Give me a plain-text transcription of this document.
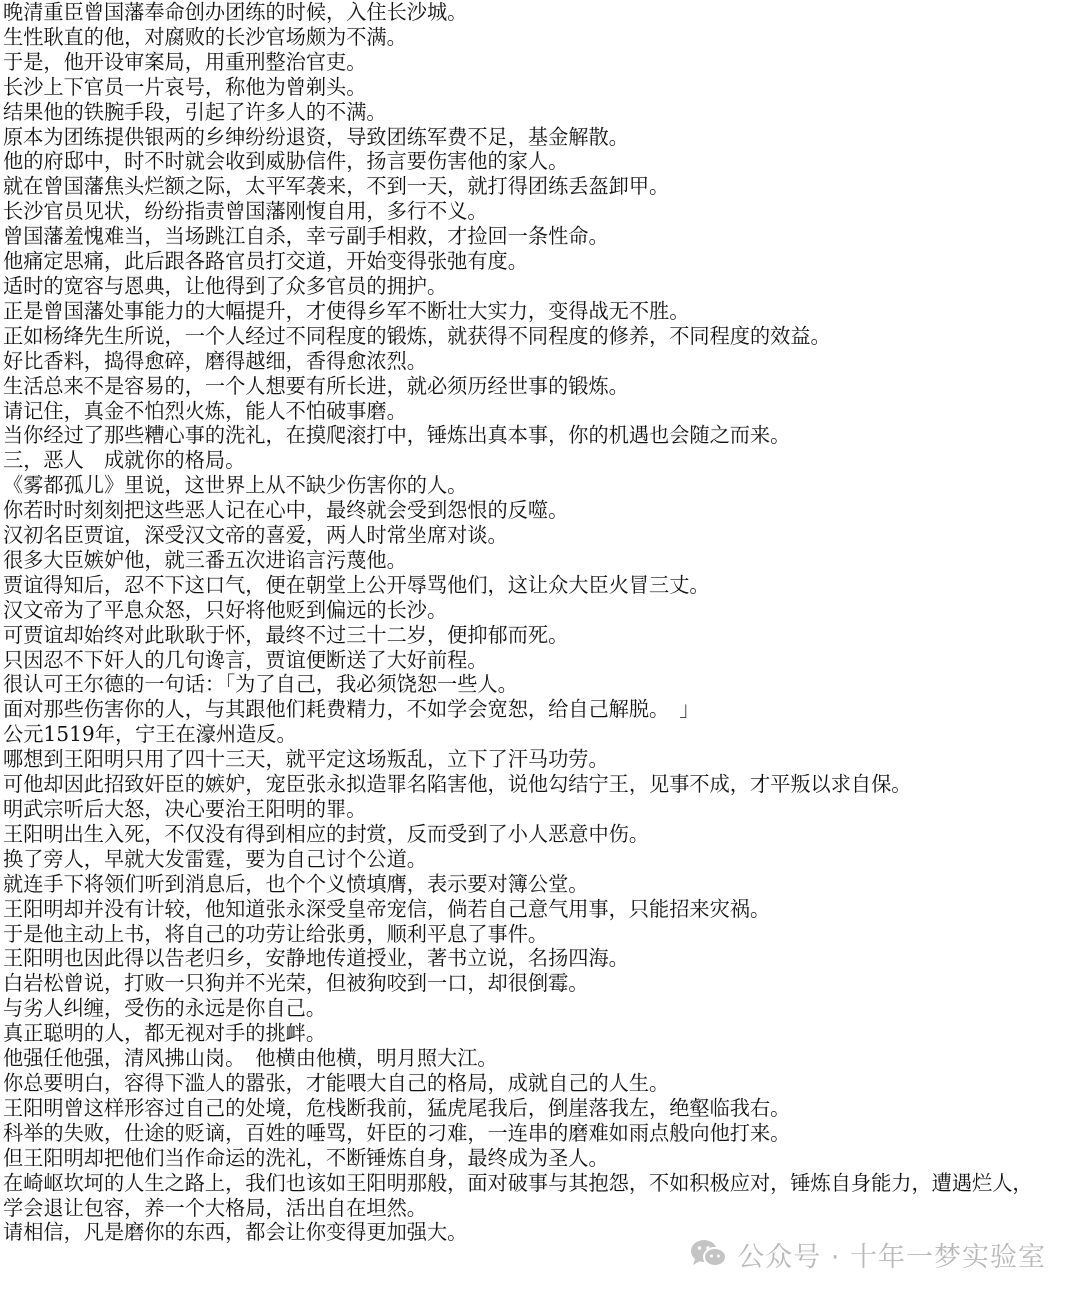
晚清重臣曾国藩奉命创办团练的时候，入住长沙城。

生性耿直的他，对腐败的长沙官场颇为不满。

于是，他开设审案局，用重刑整治官吏。

长沙上下官员一片哀号，称他为曾剃头。

结果他的铁腕手段，引起了许多人的不满。

原本为团练提供银两的乡绅纷纷退资，导致团练军费不足，基金解散。

他的府邸中，时不时就会收到威胁信件，扬言要伤害他的家人。

就在曾国藩焦头烂额之际，太平军袭来，不到一天，就打得团练丢盔卸甲。

长沙官员见状，纷纷指责曾国藩刚愎自用，多行不义。

曾国藩羞愧难当，当场跳江自杀，幸亏副手相救，才捡回一条性命。

他痛定思痛，此后跟各路官员打交道，开始变得张弛有度。

适时的宽容与恩典，让他得到了众多官员的拥护。

正是曾国藩处事能力的大幅提升，才使得乡军不断壮大实力，变得战无不胜。

正如杨绛先生所说，一个人经过不同程度的锻炼，就获得不同程度的修养，不同程度的效益。

好比香料，捣得愈碎，磨得越细，香得愈浓烈。

生活总来不是容易的，一个人想要有所长进，就必须历经世事的锻炼。

请记住，真金不怕烈火炼，能人不怕破事磨。

当你经过了那些糟心事的洗礼，在摸爬滚打中，锤炼出真本事，你的机遇也会随之而来。

三，恶人　成就你的格局。

《雾都孤儿》里说，这世界上从不缺少伤害你的人。

你若时时刻刻把这些恶人记在心中，最终就会受到怨恨的反噬。

汉初名臣贾谊，深受汉文帝的喜爱，两人时常坐席对谈。

很多大臣嫉妒他，就三番五次进谄言污蔑他。

贾谊得知后，忍不下这口气，便在朝堂上公开辱骂他们，这让众大臣火冒三丈。

汉文帝为了平息众怒，只好将他贬到偏远的长沙。

可贾谊却始终对此耿耿于怀，最终不过三十二岁，便抑郁而死。

只因忍不下奸人的几句谗言，贾谊便断送了大好前程。

很认可王尔德的一句话：「为了自己，我必须饶恕一些人。

面对那些伤害你的人，与其跟他们耗费精力，不如学会宽恕，给自己解脱。　」

公元1519年，宁王在濠州造反。

哪想到王阳明只用了四十三天，就平定这场叛乱，立下了汗马功劳。

可他却因此招致奸臣的嫉妒，宠臣张永拟造罪名陷害他，说他勾结宁王，见事不成，才平叛以求自保。

明武宗听后大怒，决心要治王阳明的罪。

王阳明出生入死，不仅没有得到相应的封赏，反而受到了小人恶意中伤。

换了旁人，早就大发雷霆，要为自己讨个公道。

就连手下将领们听到消息后，也个个义愤填膺，表示要对簿公堂。

王阳明却并没有计较，他知道张永深受皇帝宠信，倘若自己意气用事，只能招来灾祸。

于是他主动上书，将自己的功劳让给张勇，顺利平息了事件。

王阳明也因此得以告老归乡，安静地传道授业，著书立说，名扬四海。

白岩松曾说，打败一只狗并不光荣，但被狗咬到一口，却很倒霉。

与劣人纠缠，受伤的永远是你自己。

真正聪明的人，都无视对手的挑衅。

他强任他强，清风拂山岗。　他横由他横，明月照大江。

你总要明白，容得下滥人的嚣张，才能喂大自己的格局，成就自己的人生。

王阳明曾这样形容过自己的处境，危栈断我前，猛虎尾我后，倒崖落我左，绝壑临我右。

科举的失败，仕途的贬谪，百姓的唾骂，奸臣的刁难，一连串的磨难如雨点般向他打来。

但王阳明却把他们当作命运的洗礼，不断锤炼自身，最终成为圣人。

在崎岖坎坷的人生之路上，我们也该如王阳明那般，面对破事与其抱怨，不如积极应对，锤炼自身能力，遭遇烂人，

学会退让包容，养一个大格局，活出自在坦然。

请相信，凡是磨你的东西，都会让你变得更加强大。

公众号 · 十年一梦实验室
